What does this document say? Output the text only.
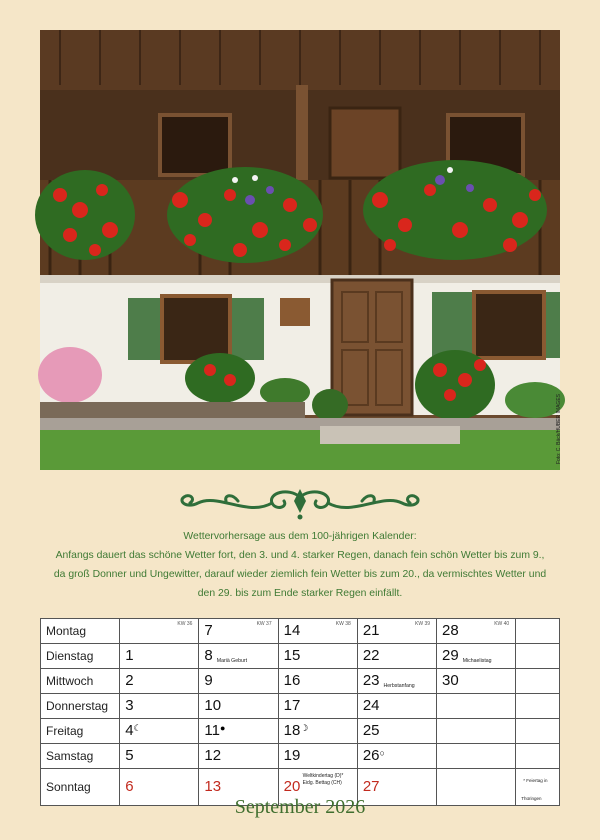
Foto: C. Bäck/HUBER IMAGES
Wettervorhersage aus dem 100-jährigen Kalender:
Anfangs dauert das schöne Wetter fort, den 3. und 4. starker Regen, danach fein schön Wetter bis zum 9.,
da groß Donner und Ungewitter, darauf wieder ziemlich fein Wetter bis zum 20., da vermischtes Wetter und
den 29. bis zum Ende starker Regen einfällt.
Montag	KW 36	7 KW 37	14 KW 38	21 KW 39	28 KW 40	

Dienstag	1	8 Mariä Geburt	15	22	29 Michaelistag	
Mittwoch	2	9	16	23 Herbstanfang	30	
Donnerstag	3	10	17	24		
Freitag	4☾	11●	18☽	25		
Samstag	5	12	19	26○		
Sonntag	6	13	20
Weltkindertag (D)*
Eidg. Bettag (CH)	27		* Feiertag in Thüringen
September 2026
